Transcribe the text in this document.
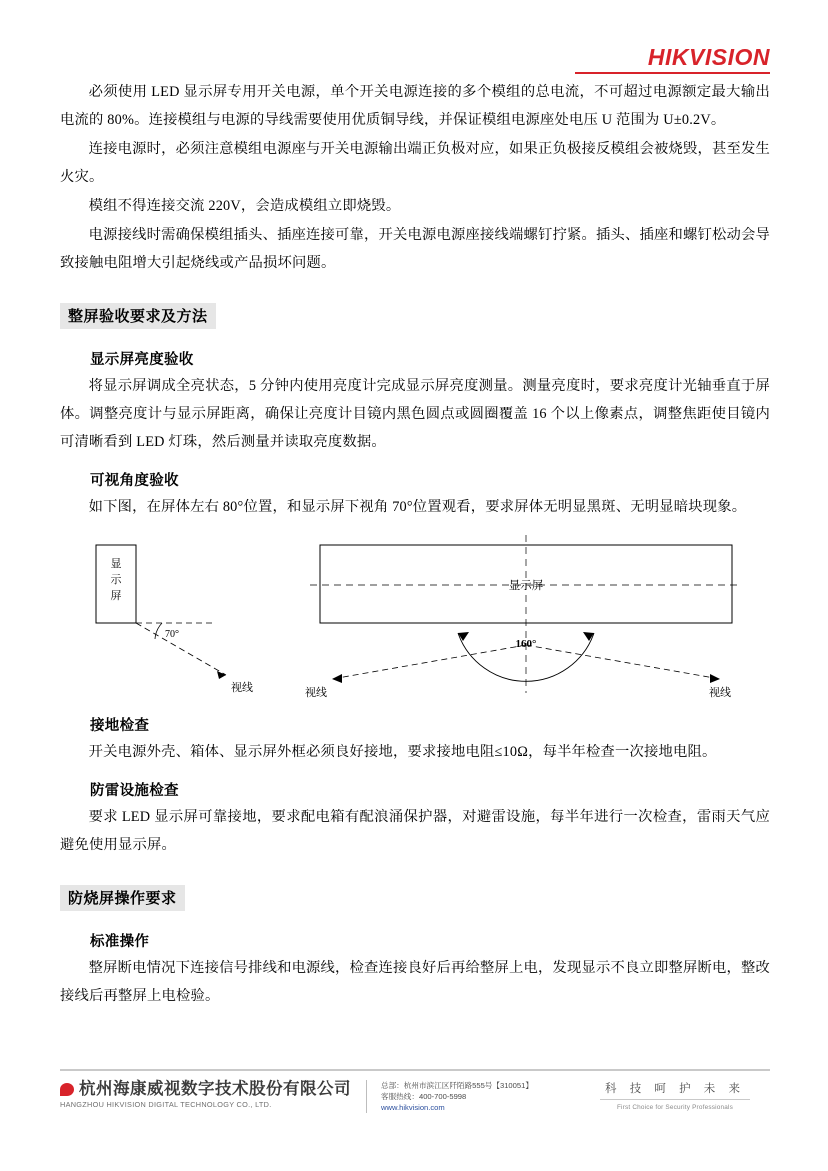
HIK VISION

必须使用 LED 显示屏专用开关电源，单个开关电源连接的多个模组的总电流，不可超过电源额定最大输出电流的 80%。连接模组与电源的导线需要使用优质铜导线，并保证模组电源座处电压 U 范围为 U±0.2V。

连接电源时，必须注意模组电源座与开关电源输出端正负极对应，如果正负极接反模组会被烧毁，甚至发生火灾。

模组不得连接交流 220V，会造成模组立即烧毁。

电源接线时需确保模组插头、插座连接可靠，开关电源电源座接线端螺钉拧紧。插头、插座和螺钉松动会导致接触电阻增大引起烧线或产品损坏问题。

整屏验收要求及方法
显示屏亮度验收

将显示屏调成全亮状态，5 分钟内使用亮度计完成显示屏亮度测量。测量亮度时，要求亮度计光轴垂直于屏体。调整亮度计与显示屏距离，确保让亮度计目镜内黑色圆点或圆圈覆盖 16 个以上像素点，调整焦距使目镜内可清晰看到 LED 灯珠，然后测量并读取亮度数据。

可视角度验收

如下图，在屏体左右 80°位置，和显示屏下视角 70°位置观看，要求屏体无明显黑斑、无明显暗块现象。

显
示
屏
70°
视线
显示屏
160°
视线	视线
接地检查

开关电源外壳、箱体、显示屏外框必须良好接地，要求接地电阻≤10Ω，每半年检查一次接地电阻。

防雷设施检查

要求 LED 显示屏可靠接地，要求配电箱有配浪涌保护器，对避雷设施，每半年进行一次检查，雷雨天气应避免使用显示屏。

防烧屏操作要求
标准操作

整屏断电情况下连接信号排线和电源线，检查连接良好后再给整屏上电，发现显示不良立即整屏断电，整改接线后再整屏上电检验。

杭州海康威视数字技术股份有限公司
HANGZHOU HIKVISION DIGITAL TECHNOLOGY CO., LTD.
总部：杭州市滨江区阡陌路555号【310051】
客服热线：400-700-5998
www.hikvision.com
科 技 呵 护 未 来
First Choice for Security Professionals
